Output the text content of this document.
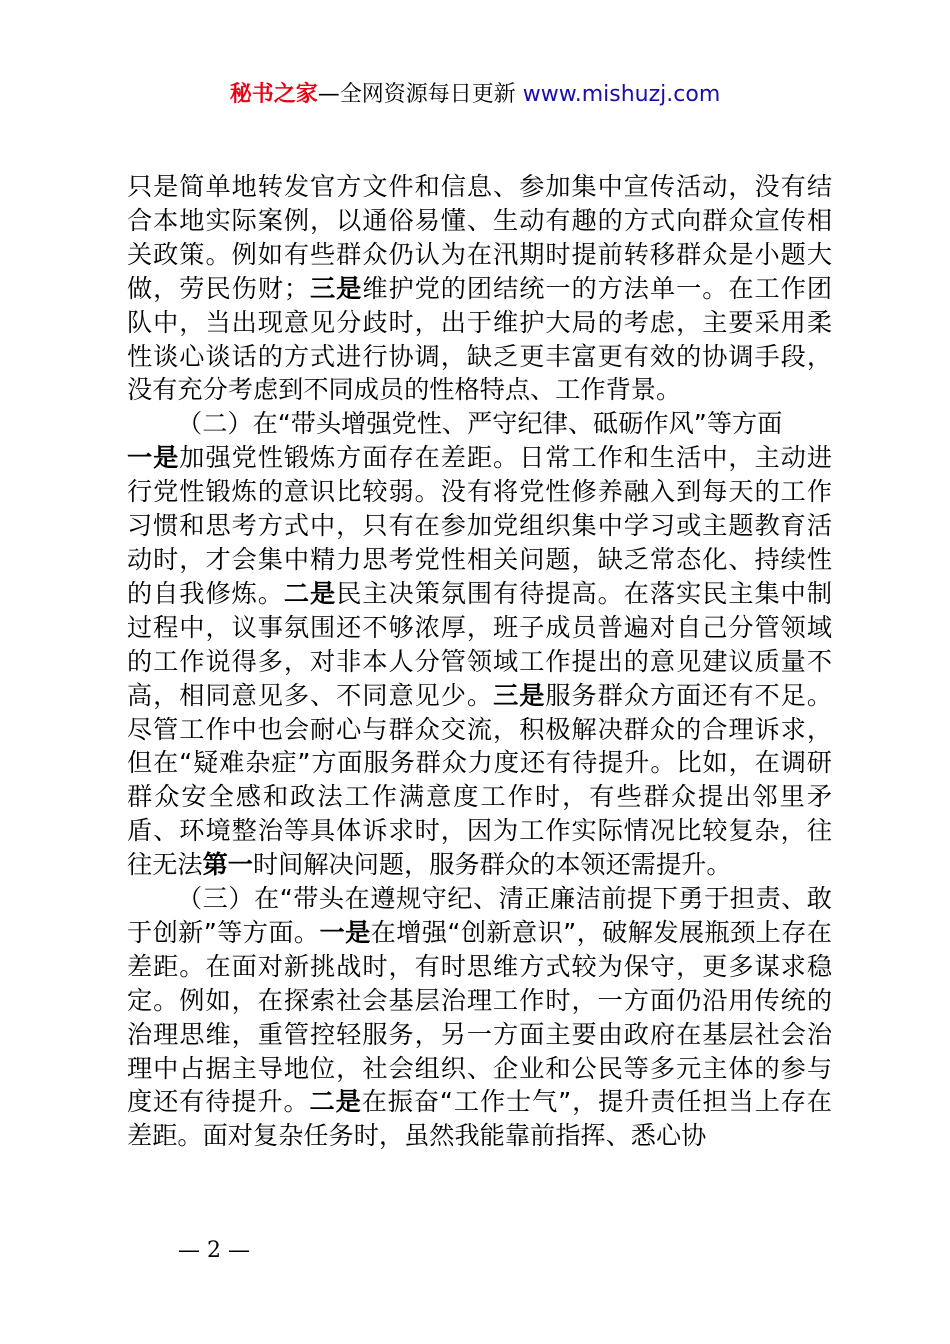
秘书之家—全网资源每日更新 www.mishuzj.com

只是简单地转发官方文件和信息、参加集中宣传活动，没有结合本地实际案例，以通俗易懂、生动有趣的方式向群众宣传相关政策。例如有些群众仍认为在汛期时提前转移群众是小题大做，劳民伤财；三是维护党的团结统一的方法单一。在工作团队中，当出现意见分歧时，出于维护大局的考虑，主要采用柔性谈心谈话的方式进行协调，缺乏更丰富更有效的协调手段，没有充分考虑到不同成员的性格特点、工作背景。

（二）在“带头增强党性、严守纪律、砥砺作风”等方面

一是加强党性锻炼方面存在差距。日常工作和生活中，主动进行党性锻炼的意识比较弱。没有将党性修养融入到每天的工作习惯和思考方式中，只有在参加党组织集中学习或主题教育活动时，才会集中精力思考党性相关问题，缺乏常态化、持续性的自我修炼。二是民主决策氛围有待提高。在落实民主集中制过程中，议事氛围还不够浓厚，班子成员普遍对自己分管领域的工作说得多，对非本人分管领域工作提出的意见建议质量不高，相同意见多、不同意见少。三是服务群众方面还有不足。尽管工作中也会耐心与群众交流，积极解决群众的合理诉求，但在“疑难杂症”方面服务群众力度还有待提升。比如，在调研群众安全感和政法工作满意度工作时，有些群众提出邻里矛盾、环境整治等具体诉求时，因为工作实际情况比较复杂，往往无法第一时间解决问题，服务群众的本领还需提升。

（三）在“带头在遵规守纪、清正廉洁前提下勇于担责、敢于创新”等方面。一是在增强“创新意识”，破解发展瓶颈上存在差距。在面对新挑战时，有时思维方式较为保守，更多谋求稳定。例如，在探索社会基层治理工作时，一方面仍沿用传统的治理思维，重管控轻服务，另一方面主要由政府在基层社会治理中占据主导地位，社会组织、企业和公民等多元主体的参与度还有待提升。二是在振奋“工作士气”，提升责任担当上存在差距。面对复杂任务时，虽然我能靠前指挥、悉心协

— 2 —
